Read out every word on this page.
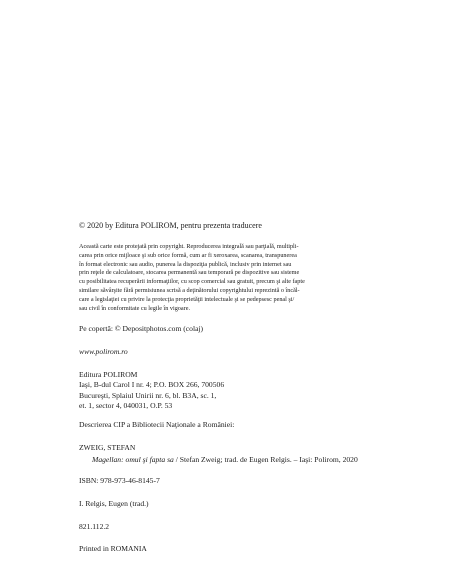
© 2020 by Editura POLIROM, pentru prezenta traducere

Această carte este protejată prin copyright. Reproducerea integrală sau parţială, multipli-

carea prin orice mijloace şi sub orice formă, cum ar fi xeroxarea, scanarea, transpunerea

în format electronic sau audio, punerea la dispoziţia publică, inclusiv prin internet sau

prin reţele de calculatoare, stocarea permanentă sau temporară pe dispozitive sau sisteme

cu posibilitatea recuperării informaţiilor, cu scop comercial sau gratuit, precum şi alte fapte

similare săvârşite fără permisiunea scrisă a deţinătorului copyrightului reprezintă o încăl-

care a legislaţiei cu privire la protecţia proprietăţii intelectuale şi se pedepsesc penal şi/

sau civil în conformitate cu legile în vigoare.

Pe copertă: © Depositphotos.com (colaj)

www.polirom.ro

Editura POLIROM

Iaşi, B-dul Carol I nr. 4; P.O. BOX 266, 700506

Bucureşti, Splaiul Unirii nr. 6, bl. B3A, sc. 1,

et. 1, sector 4, 040031, O.P. 53

Descrierea CIP a Bibliotecii Naţionale a României:

ZWEIG, STEFAN

Magellan: omul şi fapta sa / Stefan Zweig; trad. de Eugen Relgis. – Iaşi: Polirom, 2020

ISBN: 978-973-46-8145-7

I. Relgis, Eugen (trad.)

821.112.2

Printed in ROMANIA
